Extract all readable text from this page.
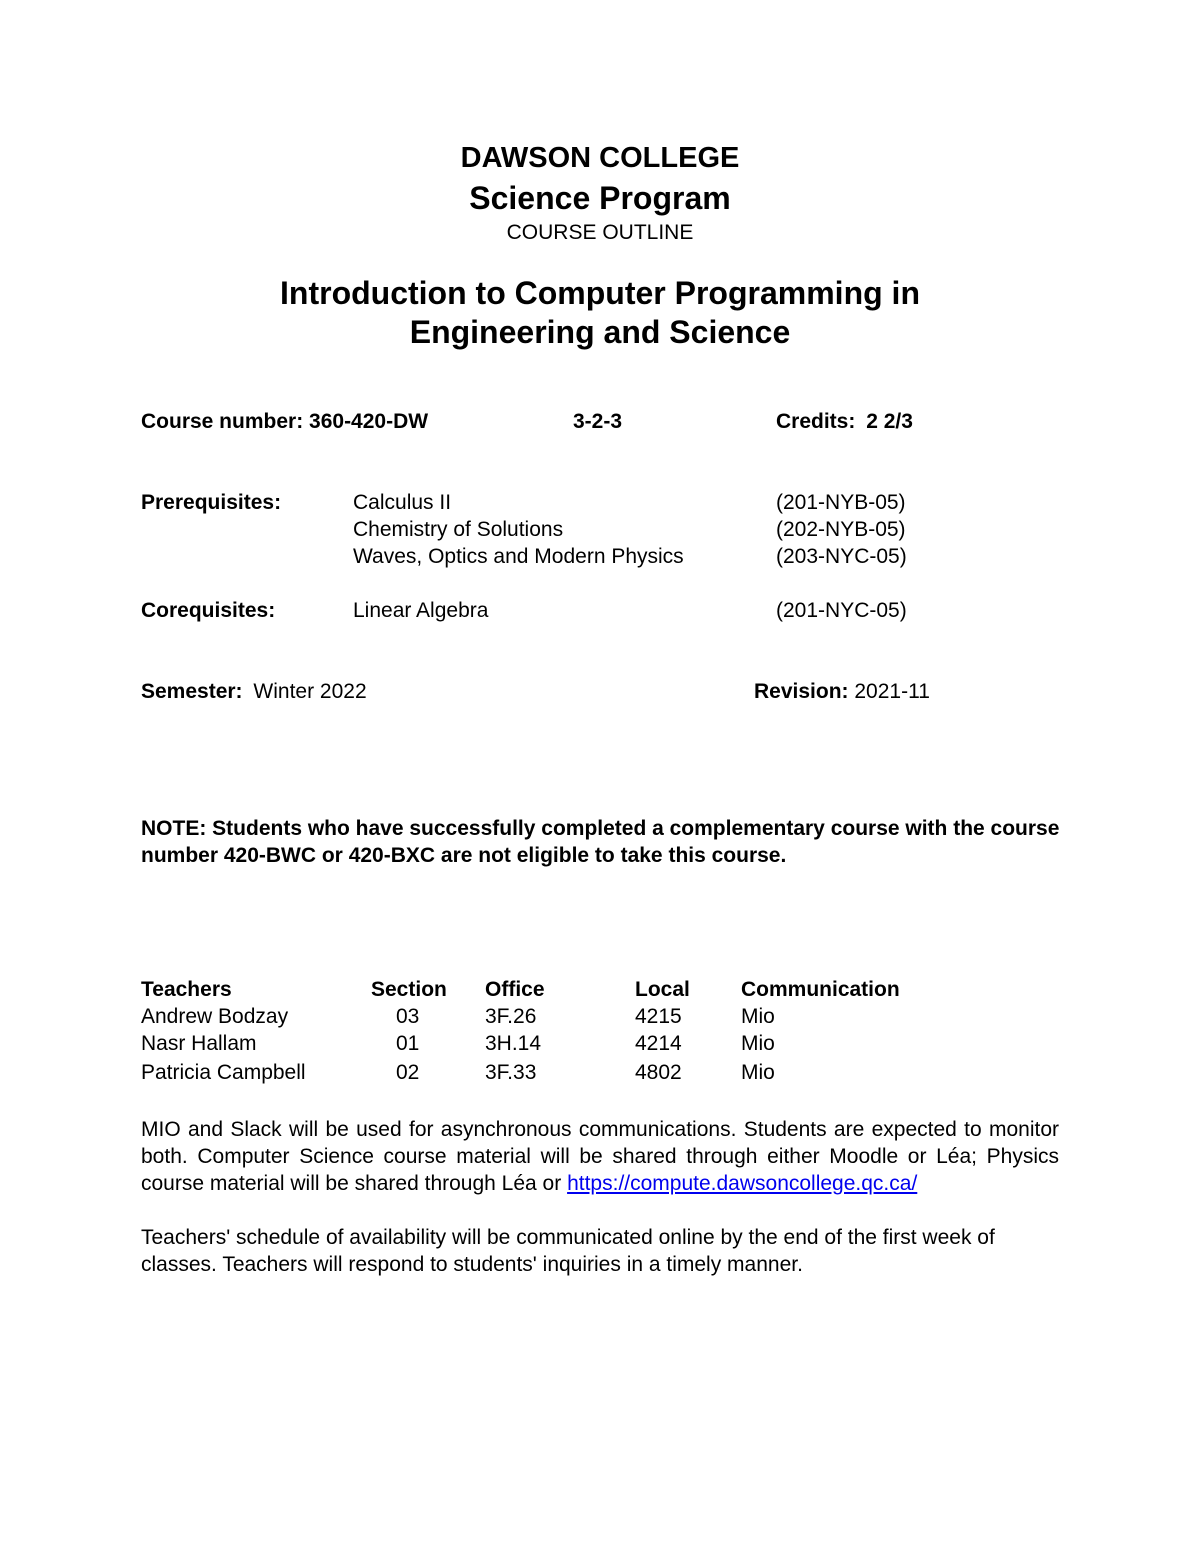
DAWSON COLLEGE
Science Program
COURSE OUTLINE
Introduction to Computer Programming in
Engineering and Science
Course number: 360-420-DW	3-2-3	Credits: 2 2/3
Prerequisites:	Calculus II	(201-NYB-05)
Chemistry of Solutions	(202-NYB-05)
Waves, Optics and Modern Physics	(203-NYC-05)
Corequisites:	Linear Algebra	(201-NYC-05)
Semester: Winter 2022	Revision: 2021-11
NOTE: Students who have successfully completed a complementary course with the course number 420-BWC or 420-BXC are not eligible to take this course.
Teachers	Section Office	Local Communication
Andrew Bodzay	03	3F.26	4215	Mio
Nasr Hallam	01	3H.14	4214	Mio
Patricia Campbell	02	3F.33	4802	Mio
MIO and Slack will be used for asynchronous communications. Students are expected to monitor both. Computer Science course material will be shared through either Moodle or Léa; Physics course material will be shared through Léa or https://compute.dawsoncollege.qc.ca/
Teachers' schedule of availability will be communicated online by the end of the first week of classes. Teachers will respond to students' inquiries in a timely manner.
